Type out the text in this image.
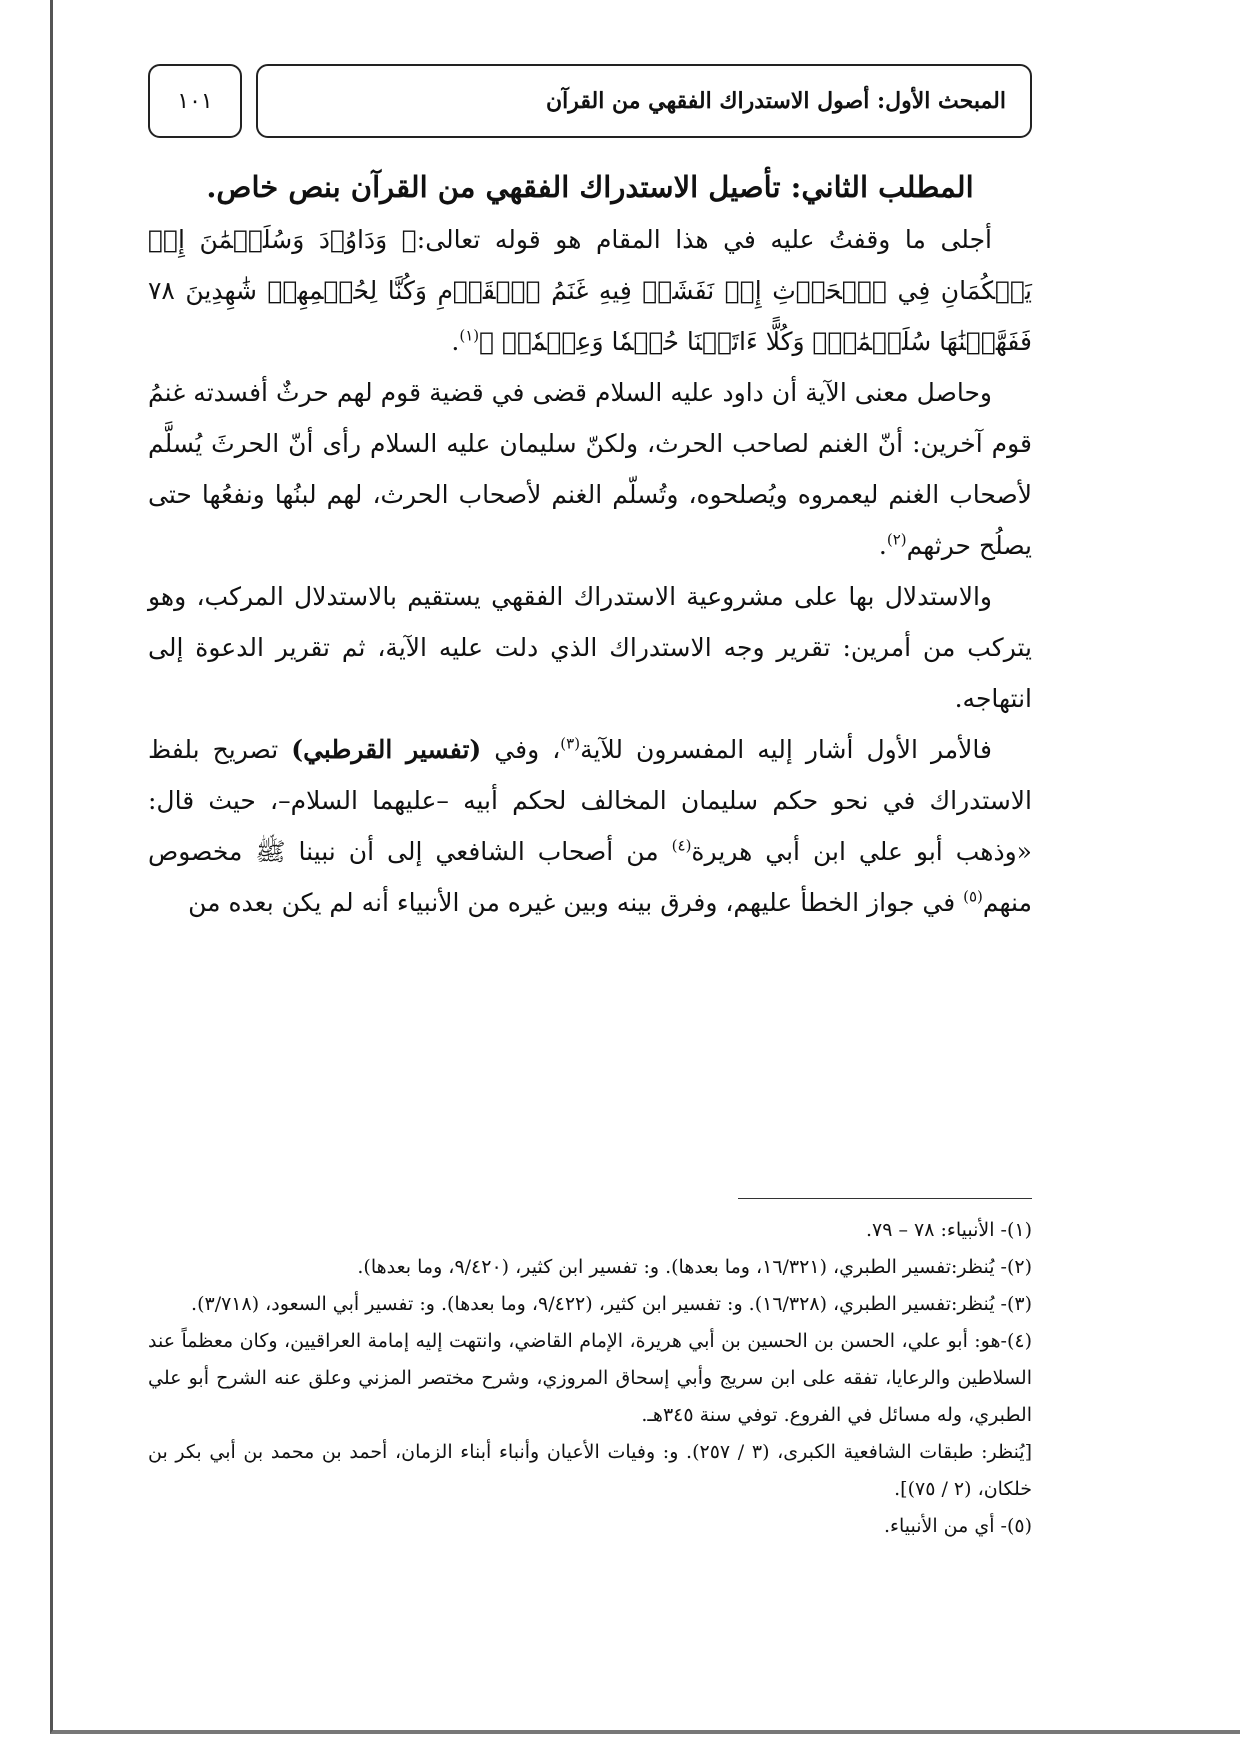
المبحث الأول: أصول الاستدراك الفقهي من القرآن
١٠١
المطلب الثاني: تأصيل الاستدراك الفقهي من القرآن بنص خاص.

أجلى ما وقفتُ عليه في هذا المقام هو قوله تعالى:﴿ وَدَاوُۥدَ وَسُلَيۡمَٰنَ إِذۡ يَحۡكُمَانِ فِي ٱلۡحَرۡثِ إِذۡ نَفَشَتۡ فِيهِ غَنَمُ ٱلۡقَوۡمِ وَكُنَّا لِحُكۡمِهِمۡ شَٰهِدِينَ ٧٨ فَفَهَّمۡنَٰهَا سُلَيۡمَٰنَۚ وَكُلًّا ءَاتَيۡنَا حُكۡمٗا وَعِلۡمٗاۚ ﴾$^{(١)}$.

وحاصل معنى الآية أن داود عليه السلام قضى في قضية قوم لهم حرثٌ أفسدته غنمُ قوم آخرين: أنّ الغنم لصاحب الحرث، ولكنّ سليمان عليه السلام رأى أنّ الحرثَ يُسلَّم لأصحاب الغنم ليعمروه ويُصلحوه، وتُسلّم الغنم لأصحاب الحرث، لهم لبنُها ونفعُها حتى يصلُح حرثهم$^{(٢)}$.

والاستدلال بها على مشروعية الاستدراك الفقهي يستقيم بالاستدلال المركب، وهو يتركب من أمرين: تقرير وجه الاستدراك الذي دلت عليه الآية، ثم تقرير الدعوة إلى انتهاجه.

فالأمر الأول أشار إليه المفسرون للآية$^{(٣)}$، وفي (تفسير القرطبي) تصريح بلفظ الاستدراك في نحو حكم سليمان المخالف لحكم أبيه –عليهما السلام–، حيث قال: «وذهب أبو علي ابن أبي هريرة$^{(٤)}$ من أصحاب الشافعي إلى أن نبينا ﷺ مخصوص منهم$^{(٥)}$ في جواز الخطأ عليهم، وفرق بينه وبين غيره من الأنبياء أنه لم يكن بعده من

(١)- الأنبياء: ٧٨ – ٧٩.

(٢)- يُنظر:تفسير الطبري، (١٦/٣٢١، وما بعدها). و: تفسير ابن كثير، (٩/٤٢٠، وما بعدها).

(٣)- يُنظر:تفسير الطبري، (١٦/٣٢٨). و: تفسير ابن كثير، (٩/٤٢٢، وما بعدها). و: تفسير أبي السعود، (٣/٧١٨).

(٤)-هو: أبو علي، الحسن بن الحسين بن أبي هريرة، الإمام القاضي، وانتهت إليه إمامة العراقيين، وكان معظماً عند السلاطين والرعايا، تفقه على ابن سريج وأبي إسحاق المروزي، وشرح مختصر المزني وعلق عنه الشرح أبو علي الطبري، وله مسائل في الفروع. توفي سنة ٣٤٥هـ.

[يُنظر: طبقات الشافعية الكبرى، (٣ / ٢٥٧). و: وفيات الأعيان وأنباء أبناء الزمان، أحمد بن محمد بن أبي بكر بن خلكان، (٢ / ٧٥)].

(٥)- أي من الأنبياء.
